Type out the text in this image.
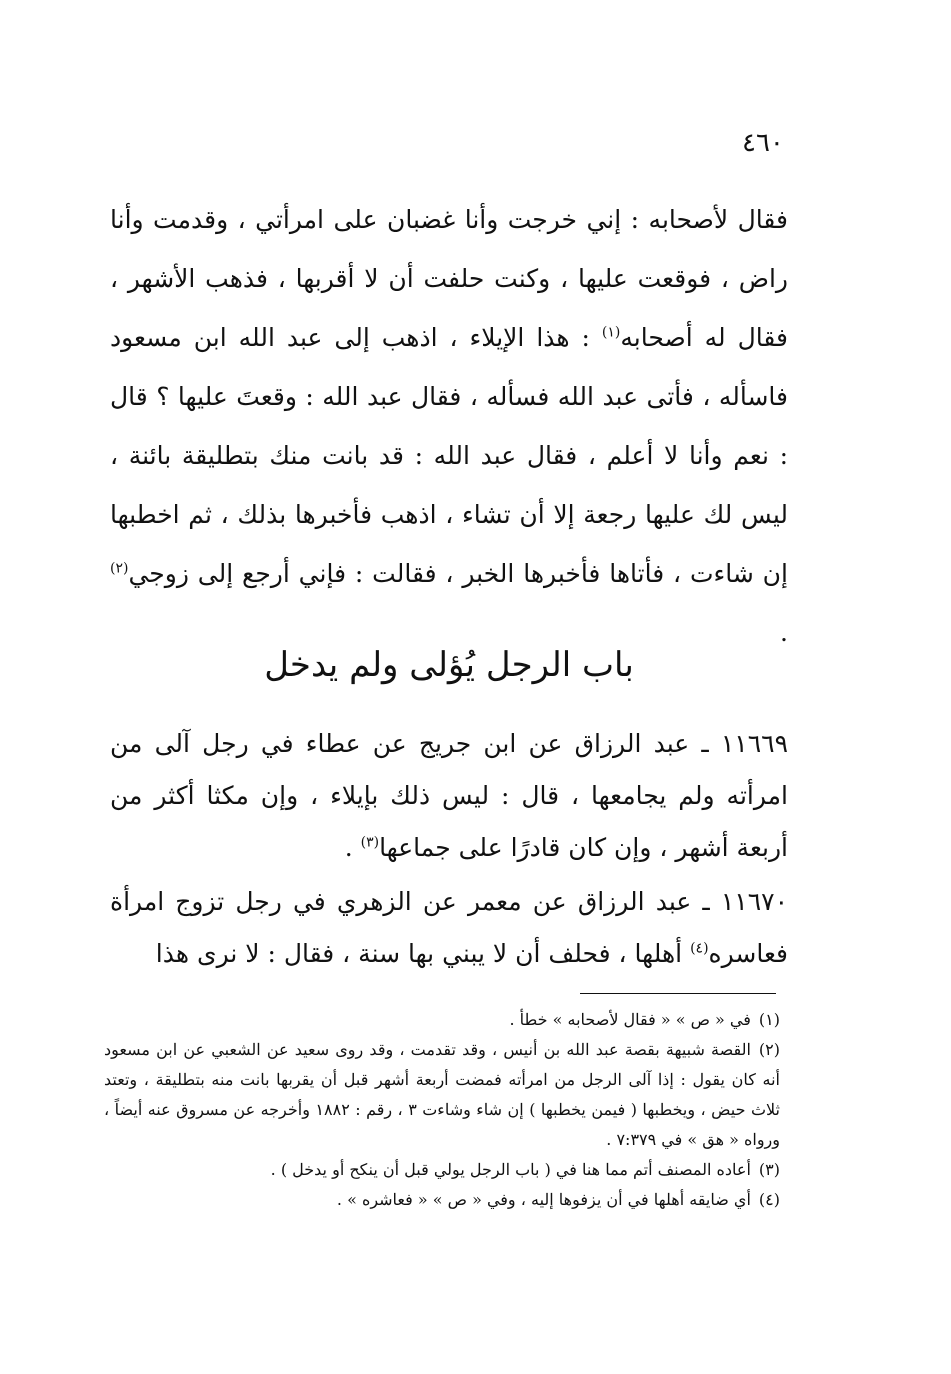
٤٦٠

فقال لأصحابه : إني خرجت وأنا غضبان على امرأتي ، وقدمت وأنا راض ، فوقعت عليها ، وكنت حلفت أن لا أقربها ، فذهب الأشهر ، فقال له أصحابه$^{(١)}$ : هذا الإيلاء ، اذهب إلى عبد الله ابن مسعود فاسأله ، فأتى عبد الله فسأله ، فقال عبد الله : وقعتَ عليها ؟ قال : نعم وأنا لا أعلم ، فقال عبد الله : قد بانت منك بتطليقة بائنة ، ليس لك عليها رجعة إلا أن تشاء ، اذهب فأخبرها بذلك ، ثم اخطبها إن شاءت ، فأتاها فأخبرها الخبر ، فقالت : فإني أرجع إلى زوجي$^{(٢)}$ .

باب الرجل يُؤلى ولم يدخل

١١٦٦٩ ـ عبد الرزاق عن ابن جريج عن عطاء في رجل آلى من امرأته ولم يجامعها ، قال : ليس ذلك بإيلاء ، وإن مكثا أكثر من أربعة أشهر ، وإن كان قادرًا على جماعها$^{(٣)}$ .

١١٦٧٠ ـ عبد الرزاق عن معمر عن الزهري في رجل تزوج امرأة فعاسره$^{(٤)}$ أهلها ، فحلف أن لا يبني بها سنة ، فقال : لا نرى هذا

(١)في « ص » « فقال لأصحابه » خطأ .

(٢)القصة شبيهة بقصة عبد الله بن أنيس ، وقد تقدمت ، وقد روى سعيد عن الشعبي عن ابن مسعود أنه كان يقول : إذا آلى الرجل من امرأته فمضت أربعة أشهر قبل أن يقربها بانت منه بتطليقة ، وتعتد ثلاث حيض ، ويخطبها ( فيمن يخطبها ) إن شاء وشاءت ٣ ، رقم : ١٨٨٢ وأخرجه عن مسروق عنه أيضاً ، ورواه « هق » في ٧:٣٧٩ .

(٣)أعاده المصنف أتم مما هنا في ( باب الرجل يولي قبل أن ينكح أو يدخل ) .

(٤)أي ضايقه أهلها في أن يزفوها إليه ، وفي « ص » « فعاشره » .
